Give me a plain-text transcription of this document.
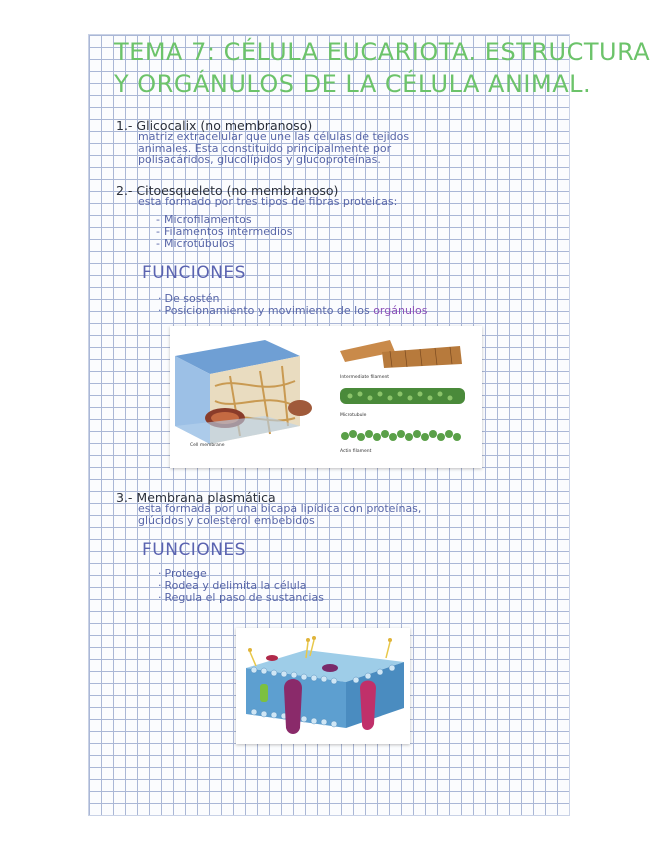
TEMA 7: CÉLULA EUCARIOTA. ESTRUCTURA
Y ORGÁNULOS DE LA CÉLULA ANIMAL.
1.- Glicocalix (no membranoso)
matriz extracelular que une las células de tejidos
animales. Esta constituido principalmente por
polisacáridos, glucolípidos y glucoproteínas.
2.- Citoesqueleto (no membranoso)
esta formado por tres tipos de fibras proteicas:
- Microfilamentos
- Filamentos intermedios
- Microtúbulos
FUNCIONES
· De sostén
· Posicionamiento y movimiento de los orgánulos
Intermediate filament
Microtubule
Actin filament
Cell membrane
3.- Membrana plasmática
esta formada por una bicapa lipídica con proteínas,
glúcidos y colesterol embebidos
FUNCIONES
· Protege
· Rodea y delimita la célula
· Regula el paso de sustancias
